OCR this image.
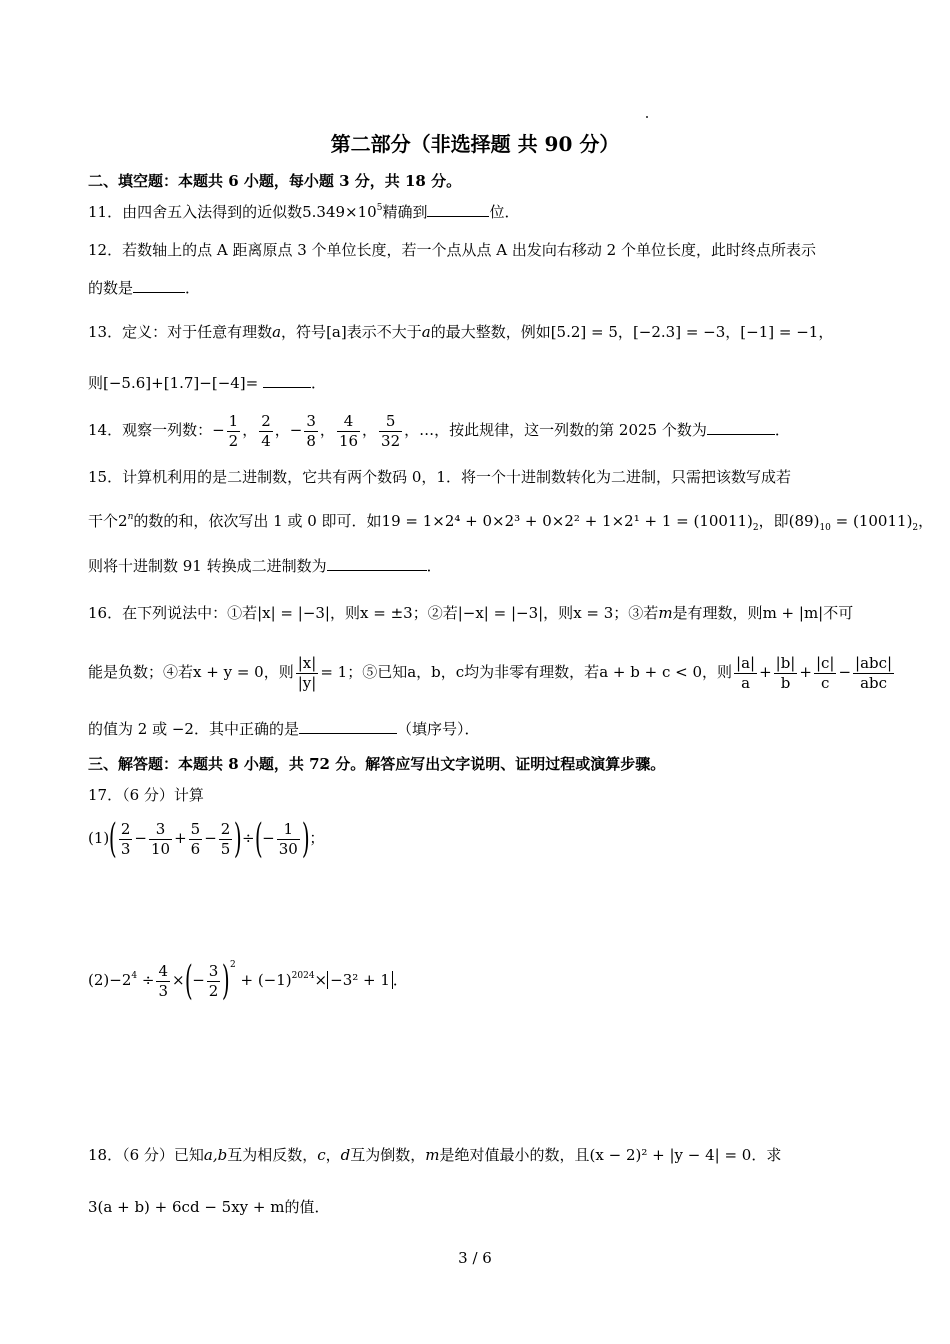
第二部分（非选择题 共 90 分）
二、填空题：本题共 6 小题，每小题 3 分，共 18 分。
11．由四舍五入法得到的近似数$5.349\times 10^5$精确到	位．
12．若数轴上的点 A 距离原点 3 个单位长度，若一个点从点 A 出发向右移动 2 个单位长度，此时终点所表示
的数是	．
13．定义：对于任意有理数a，符号[a]表示不大于a的最大整数，例如[5.2] = 5，[−2.3] = −3，[−1] = −1，
则[−5.6]+[1.7]−[−4]=	．
14．观察一列数：− $\frac{1}{2}$ ， $\frac{2}{4}$ ，− $\frac{3}{8}$ ， $\frac{4}{16}$ ， $\frac{5}{32}$ ，…，按此规律，这一列数的第 2025 个数为	．
15．计算机利用的是二进制数，它共有两个数码 0，1．将一个十进制数转化为二进制，只需把该数写成若
干个2$^n$的数的和，依次写出 1 或 0 即可．如$19 = 1\times 2^4 + 0\times 2^3 + 0\times 2^2 + 1\times 2^1 + 1 = (10011)_2$，即$(89)_{10} = (10011)_2$，
则将十进制数 91 转换成二进制数为	．
16．在下列说法中：①若|x| = |−3|，则x = ±3；②若|−x| = |−3|，则x = 3；③若m是有理数，则m + |m|不可
能是负数；④若x + y = 0，则 $\frac{|x|}{|y|} = 1$；⑤已知a，b，c均为非零有理数，若a + b + c < 0，则 $\frac{|a|}{a} + \frac{|b|}{b} + \frac{|c|}{c} - \frac{\text{|abc|}}{\text{abc}}$
的值为 2 或 −2．其中正确的是	（填序号）．
三、解答题：本题共 8 小题，共 72 分。解答应写出文字说明、证明过程或演算步骤。
17．（6 分）计算
$(1)( \frac{2}{3} - \frac{3}{10} + \frac{5}{6} - \frac{2}{5}$ )÷(− $\frac{1}{30}$ )；
$(2)-2^4 \div \frac{4}{3}$ ×(− $\frac{3}{2} )^2 + (-1)^{2024}\times -3^2 + 1$ ．
18．（6 分）已知a,b互为相反数，c，d互为倒数，m是绝对值最小的数，且(x − 2)² + |y − 4| = 0．求
3(a + b) + 6cd − 5xy + m的值．
3 / 6
